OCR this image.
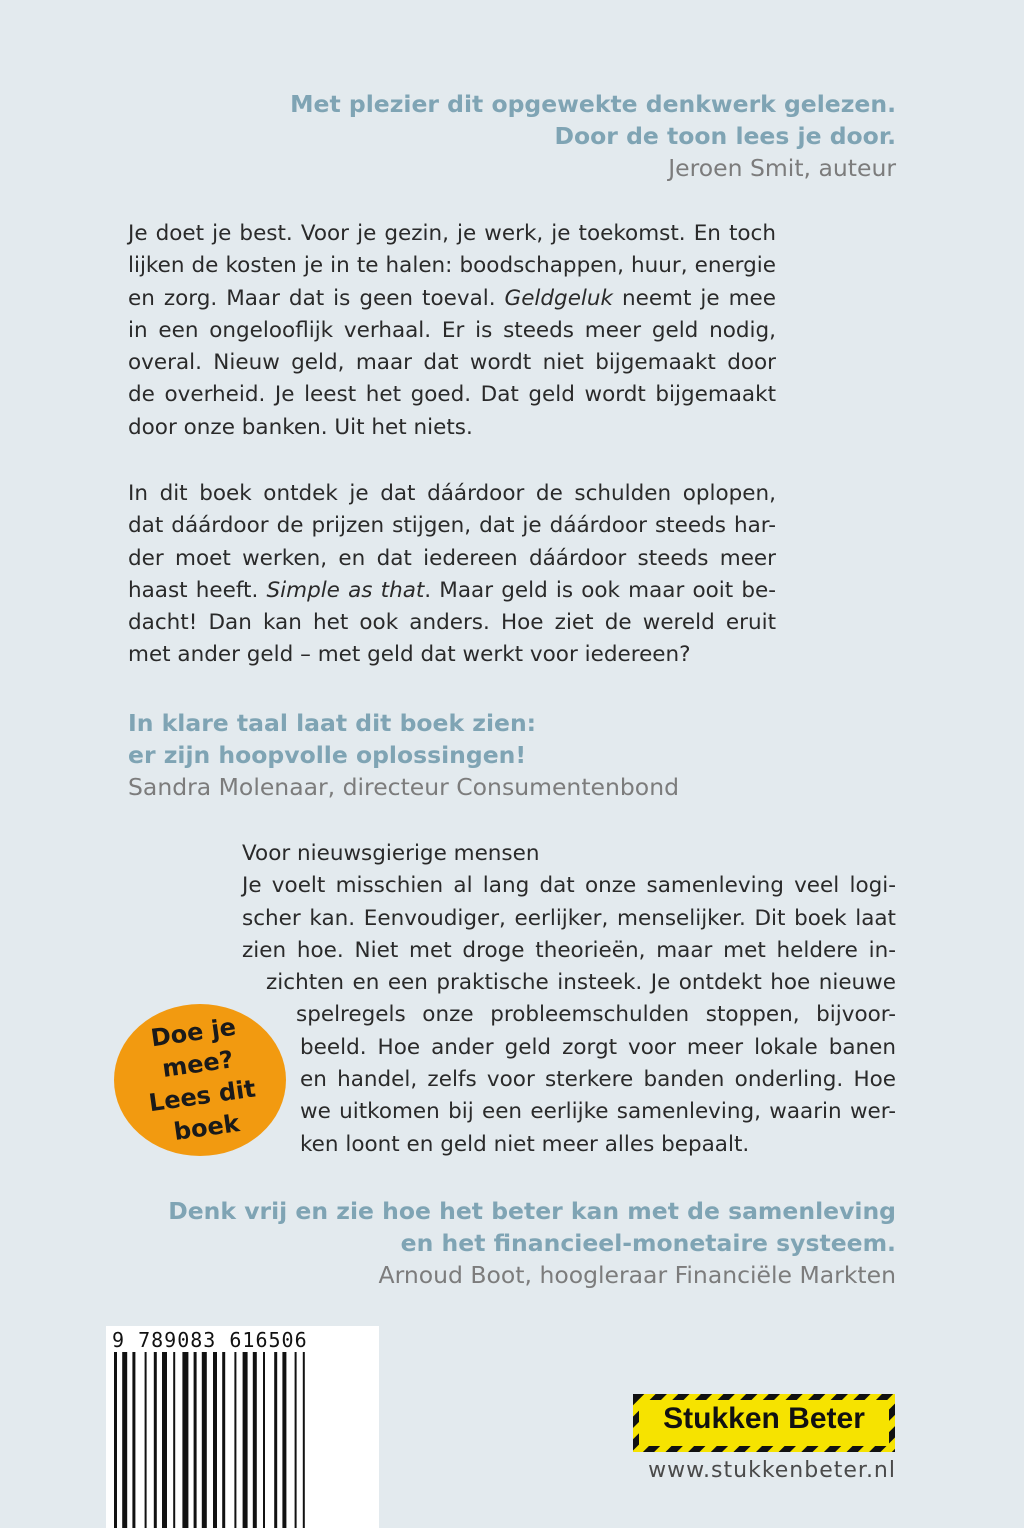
Met plezier dit opgewekte denkwerk gelezen.
Door de toon lees je door.
Jeroen Smit, auteur
Je doet je best. Voor je gezin, je werk, je toekomst. En toch
lijken de kosten je in te halen: boodschappen, huur, energie
en zorg. Maar dat is geen toeval. Geldgeluk neemt je mee
in een ongelooflijk verhaal. Er is steeds meer geld nodig,
overal. Nieuw geld, maar dat wordt niet bijgemaakt door
de overheid. Je leest het goed. Dat geld wordt bijgemaakt
door onze banken. Uit het niets.
In dit boek ontdek je dat dáárdoor de schulden oplopen,
dat dáárdoor de prijzen stijgen, dat je dáárdoor steeds har-
der moet werken, en dat iedereen dáárdoor steeds meer
haast heeft. Simple as that. Maar geld is ook maar ooit be-
dacht! Dan kan het ook anders. Hoe ziet de wereld eruit
met ander geld – met geld dat werkt voor iedereen?
In klare taal laat dit boek zien:
er zijn hoopvolle oplossingen!
Sandra Molenaar, directeur Consumentenbond
Voor nieuwsgierige mensen
Je voelt misschien al lang dat onze samenleving veel logi-
scher kan. Eenvoudiger, eerlijker, menselijker. Dit boek laat
zien hoe. Niet met droge theorieën, maar met heldere in-
zichten en een praktische insteek. Je ontdekt hoe nieuwe
spelregels onze probleemschulden stoppen, bijvoor-
beeld. Hoe ander geld zorgt voor meer lokale banen
en handel, zelfs voor sterkere banden onderling. Hoe
we uitkomen bij een eerlijke samenleving, waarin wer-
ken loont en geld niet meer alles bepaalt.
Doe je mee? Lees dit boek
Denk vrij en zie hoe het beter kan met de samenleving
en het financieel-monetaire systeem.
Arnoud Boot, hoogleraar Financiële Markten
9 789083 616506
Stukken Beter
www.stukkenbeter.nl
